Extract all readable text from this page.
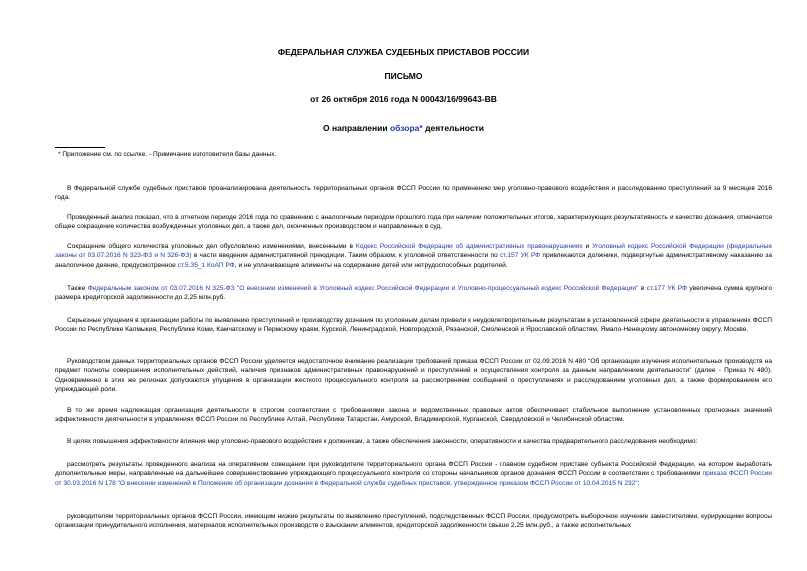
ФЕДЕРАЛЬНАЯ СЛУЖБА СУДЕБНЫХ ПРИСТАВОВ РОССИИ
ПИСЬМО
от 26 октября 2016 года N 00043/16/99643-ВВ
О направлении обзора* деятельности
* Приложение см. по ссылке. - Примечание изготовителя базы данных.
В Федеральной службе судебных приставов проанализирована деятельность территориальных органов ФССП России по применению мер уголовно-правового воздействия и расследованию преступлений за 9 месяцев 2016 года.
Проведенный анализ показал, что в отчетном периоде 2016 года по сравнению с аналогичным периодом прошлого года при наличии положительных итогов, характеризующих результативность и качество дознания, отмечается общее сокращение количества возбужденных уголовных дел, а также дел, оконченных производством и направленных в суд.
Сокращение общего количества уголовных дел обусловлено изменениями, внесенными в Кодекс Российской Федерации об административных правонарушениях и Уголовный кодекс Российской Федерации (федеральные законы от 03.07.2016 N 323-ФЗ и N 326-ФЗ) в части введения административной преюдиции. Таким образом, к уголовной ответственности по ст.157 УК РФ привлекаются должники, подвергнутые административному наказанию за аналогичное деяние, предусмотренное ст.5.35_1 КоАП РФ, и не уплачивающие алименты на содержание детей или нетрудоспособных родителей.
Также Федеральным законом от 03.07.2016 N 325-ФЗ "О внесении изменений в Уголовный кодекс Российской Федерации и Уголовно-процессуальный кодекс Российской Федерации" в ст.177 УК РФ увеличена сумма крупного размера кредиторской задолженности до 2,25 млн.руб.
Серьезные упущения в организации работы по выявлению преступлений и производству дознания по уголовным делам привели к неудовлетворительным результатам в установленной сфере деятельности в управлениях ФССП России по Республике Калмыкия, Республике Коми, Камчатскому и Пермскому краям, Курской, Ленинградской, Новгородской, Рязанской, Смоленской и Ярославской областям, Ямало-Ненецкому автономному округу, Москве.
Руководством данных территориальных органов ФССП России уделяется недостаточное внимание реализации требований приказа ФССП России от 02.09.2016 N 480 "Об организации изучения исполнительных производств на предмет полноты совершения исполнительных действий, наличия признаков административных правонарушений и преступлений и осуществления контроля за данным направлением деятельности" (далее - Приказ N 480). Одновременно в этих же регионах допускаются упущения в организации жесткого процессуального контроля за рассмотрением сообщений о преступлениях и расследованием уголовных дел, а также формированием его упреждающей роли.
В то же время надлежащая организация деятельности в строгом соответствии с требованиями закона и ведомственных правовых актов обеспечивает стабильное выполнение установленных прогнозных значений эффективности деятельности в управлениях ФССП России по Республике Алтай, Республике Татарстан, Амурской, Владимирской, Курганской, Свердловской и Челябинской областям.
В целях повышения эффективности влияния мер уголовно-правового воздействия к должникам, а также обеспечения законности, оперативности и качества предварительного расследования необходимо:
рассмотреть результаты проведенного анализа на оперативном совещании при руководителе территориального органа ФССП России - главном судебном приставе субъекта Российской Федерации, на котором выработать дополнительные меры, направленные на дальнейшее совершенствование упреждающего процессуального контроля со стороны начальников органов дознания ФССП России в соответствии с требованиями приказа ФССП России от 30.03.2016 N 178 "О внесении изменений в Положение об организации дознания в Федеральной службе судебных приставов, утвержденное приказом ФССП России от 10.04.2015 N 232";
руководителям территориальных органов ФССП России, имеющим низкие результаты по выявлению преступлений, подследственных ФССП России, предусмотреть выборочное изучение заместителями, курирующими вопросы организации принудительного исполнения, материалов исполнительных производств о взыскании алиментов, кредиторской задолженности свыше 2,25 млн.руб., а также исполнительных
